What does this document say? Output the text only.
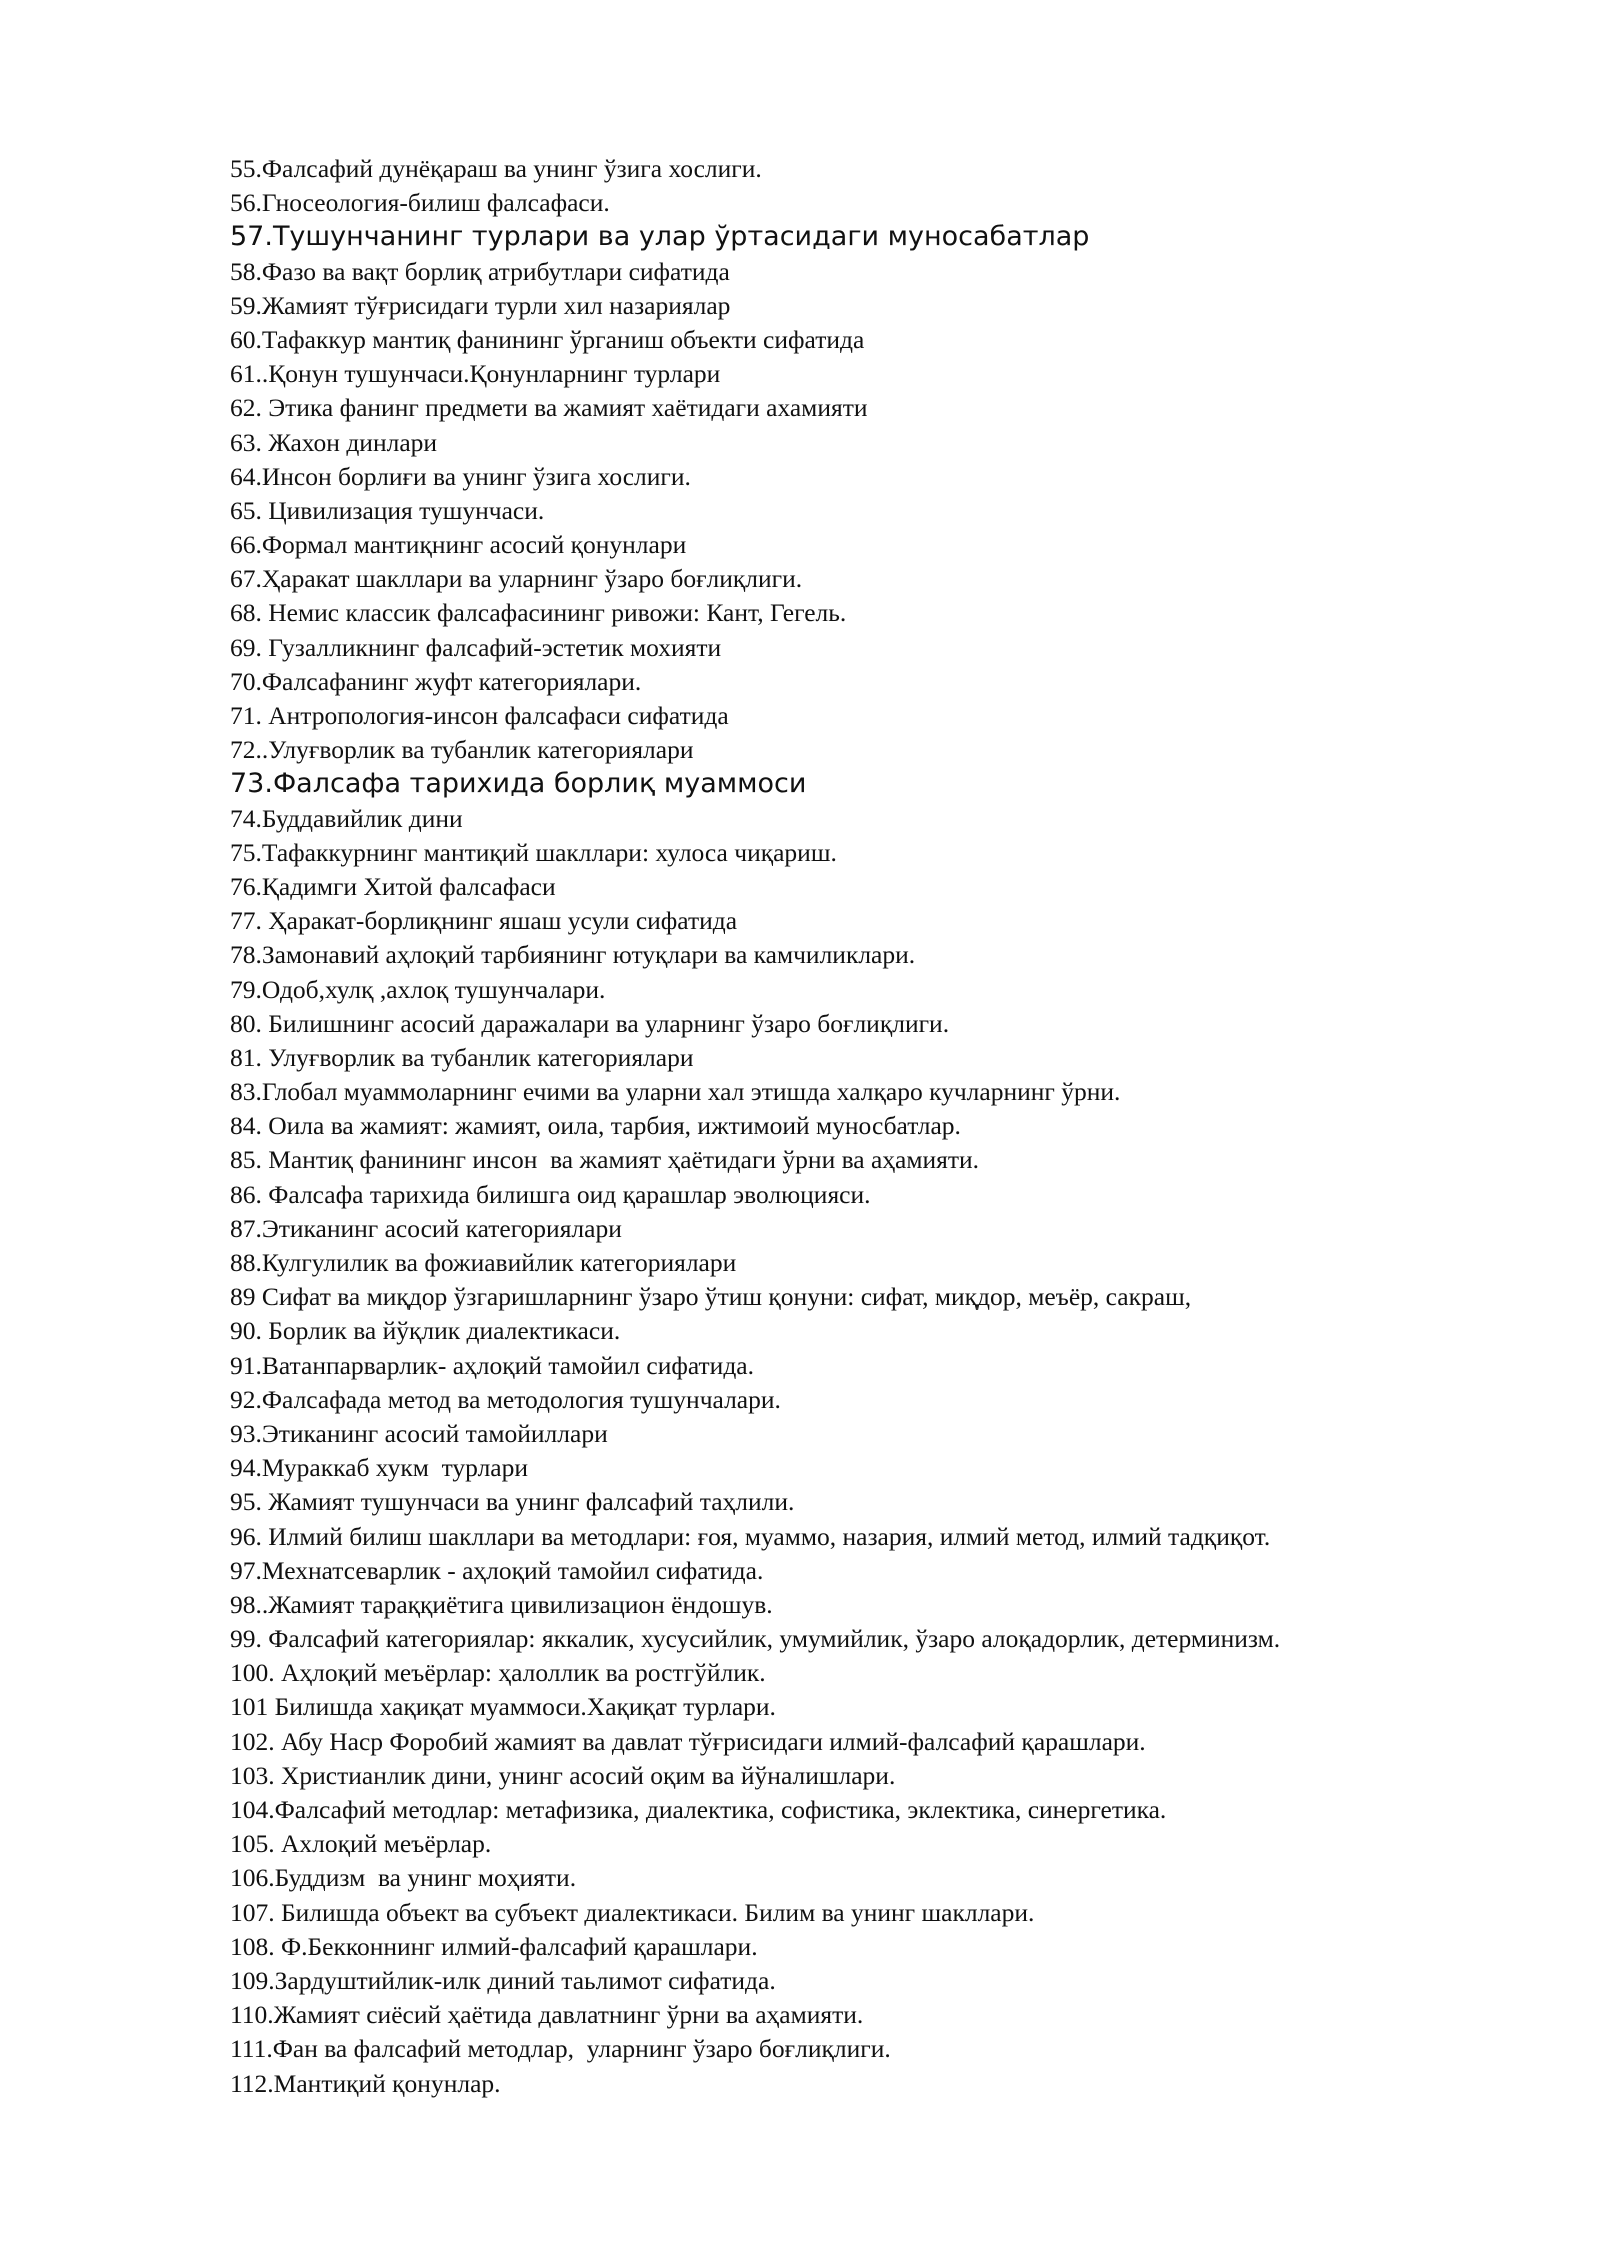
55.Фалсафий дунёқараш ва унинг ўзига хослиги.
56.Гносеология-билиш фалсафаси.
57.Тушунчанинг турлари ва улар ўртасидаги муносабатлар
58.Фазо ва вақт борлиқ атрибутлари сифатида
59.Жамият тўғрисидаги турли хил назариялар
60.Тафаккур мантиқ фанининг ўрганиш объекти сифатида
61..Қонун тушунчаси.Қонунларнинг турлари
62. Этика фанинг предмети ва жамият хаётидаги ахамияти
63. Жахон динлари
64.Инсон борлиғи ва унинг ўзига хослиги.
65. Цивилизация тушунчаси.
66.Формал мантиқнинг асосий қонунлари
67.Ҳаракат шакллари ва уларнинг ўзаро боғлиқлиги.
68. Немис классик фалсафасининг ривожи: Кант, Гегель.
69. Гузалликнинг фалсафий-эстетик мохияти
70.Фалсафанинг жуфт категориялари.
71. Антропология-инсон фалсафаси сифатида
72..Улуғворлик ва тубанлик категориялари
73.Фалсафа тарихида борлиқ муаммоси
74.Буддавийлик дини
75.Тафаккурнинг мантиқий шакллари: хулоса чиқариш.
76.Қадимги Хитой фалсафаси
77. Ҳаракат-борлиқнинг яшаш усули сифатида
78.Замонавий аҳлоқий тарбиянинг ютуқлари ва камчиликлари.
79.Одоб,хулқ ,ахлоқ тушунчалари.
80. Билишнинг асосий даражалари ва уларнинг ўзаро боғлиқлиги.
81. Улуғворлик ва тубанлик категориялари
83.Глобал муаммоларнинг ечими ва уларни хал этишда халқаро кучларнинг ўрни.
84. Оила ва жамият: жамият, оила, тарбия, ижтимоий муносбатлар.
85. Мантиқ фанининг инсон  ва жамият ҳаётидаги ўрни ва аҳамияти.
86. Фалсафа тарихида билишга оид қарашлар эволюцияси.
87.Этиканинг асосий категориялари
88.Кулгулилик ва фожиавийлик категориялари
89 Сифат ва миқдор ўзгаришларнинг ўзаро ўтиш қонуни: сифат, миқдор, меъёр, сакраш,
90. Борлик ва йўқлик диалектикаси.
91.Ватанпарварлик- аҳлоқий тамойил сифатида.
92.Фалсафада метод ва методология тушунчалари.
93.Этиканинг асосий тамойиллари
94.Мураккаб хукм  турлари
95. Жамият тушунчаси ва унинг фалсафий таҳлили.
96. Илмий билиш шакллари ва методлари: ғоя, муаммо, назария, илмий метод, илмий тадқиқот.
97.Мехнатсеварлик - аҳлоқий тамойил сифатида.
98..Жамият тараққиётига цивилизацион ёндошув.
99. Фалсафий категориялар: яккалик, хусусийлик, умумийлик, ўзаро алоқадорлик, детерминизм.
100. Аҳлоқий меъёрлар: ҳалоллик ва ростгўйлик.
101 Билишда хақиқат муаммоси.Хақиқат турлари.
102. Абу Наср Форобий жамият ва давлат тўғрисидаги илмий-фалсафий қарашлари.
103. Христианлик дини, унинг асосий оқим ва йўналишлари.
104.Фалсафий методлар: метафизика, диалектика, софистика, эклектика, синергетика.
105. Ахлоқий меъёрлар.
106.Буддизм  ва унинг моҳияти.
107. Билишда объект ва субъект диалектикаси. Билим ва унинг шакллари.
108. Ф.Бекконнинг илмий-фалсафий қарашлари.
109.Зардуштийлик-илк диний таьлимот сифатида.
110.Жамият сиёсий ҳаётида давлатнинг ўрни ва аҳамияти.
111.Фан ва фалсафий методлар,  уларнинг ўзаро боғлиқлиги.
112.Мантиқий қонунлар.
